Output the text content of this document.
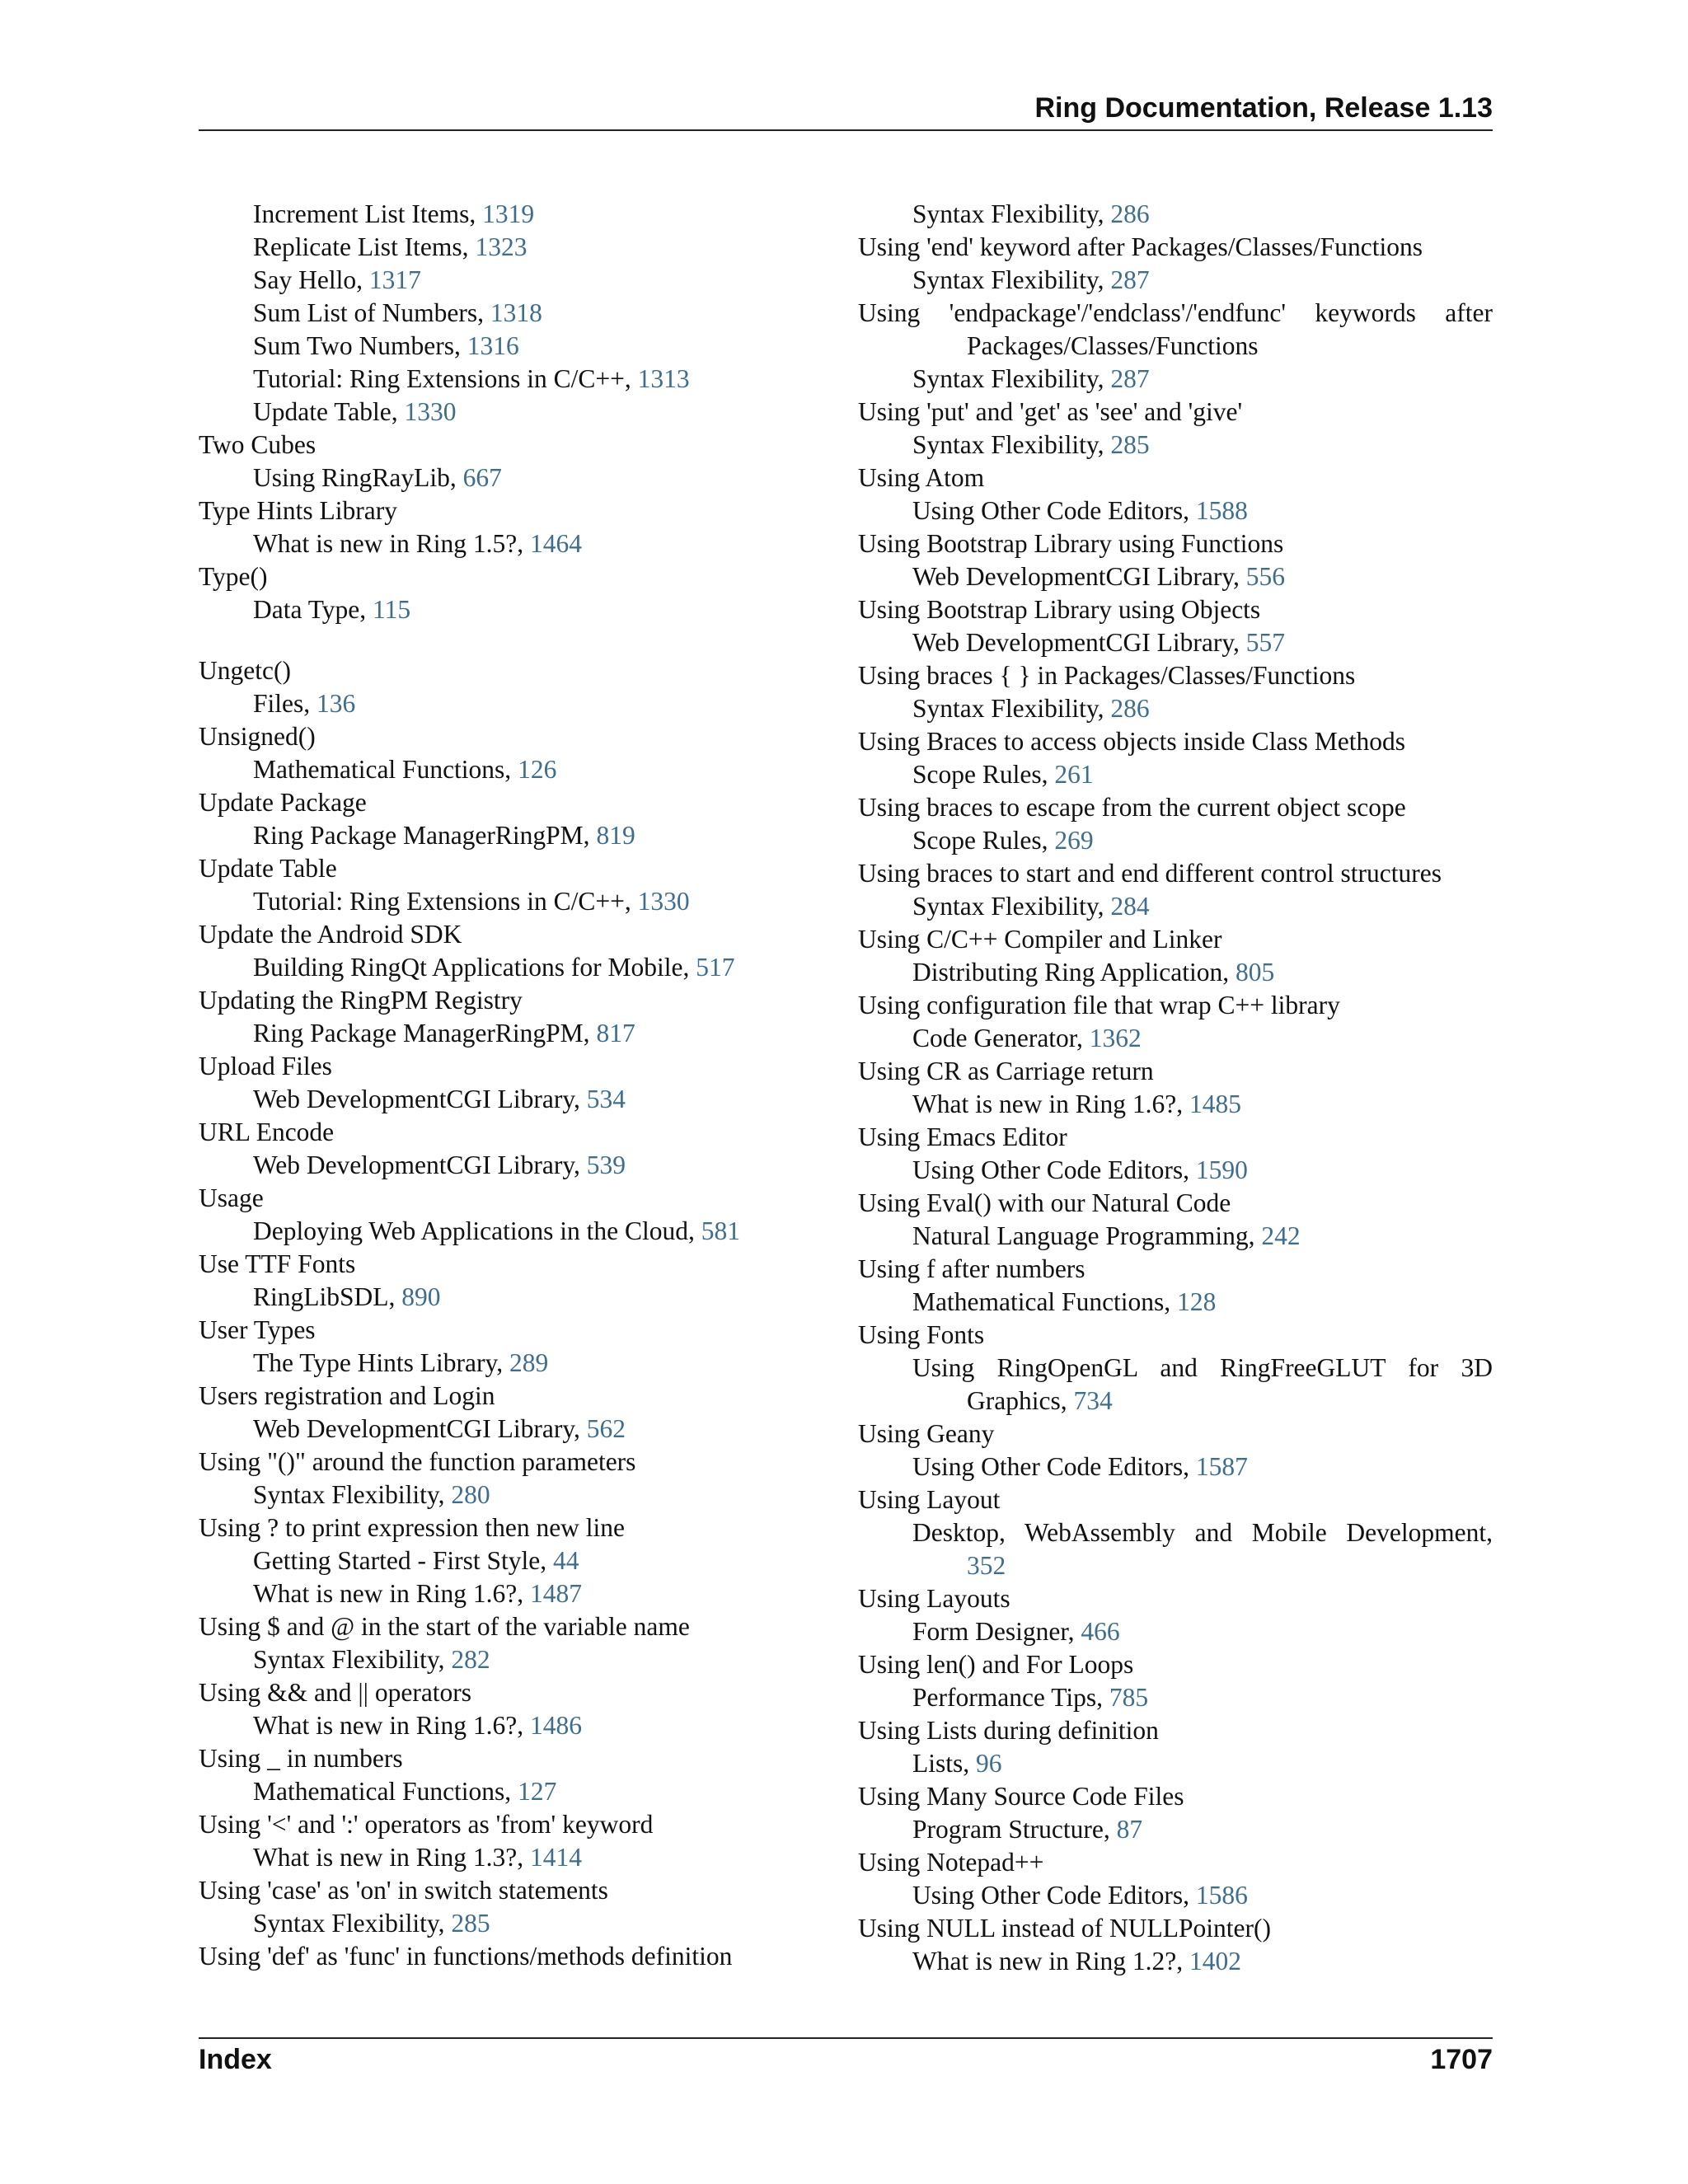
Ring Documentation, Release 1.13
Increment List Items, 1319
Replicate List Items, 1323
Say Hello, 1317
Sum List of Numbers, 1318
Sum Two Numbers, 1316
Tutorial: Ring Extensions in C/C++, 1313
Update Table, 1330
Two Cubes
Using RingRayLib, 667
Type Hints Library
What is new in Ring 1.5?, 1464
Type()
Data Type, 115
Ungetc()
Files, 136
Unsigned()
Mathematical Functions, 126
Update Package
Ring Package ManagerRingPM, 819
Update Table
Tutorial: Ring Extensions in C/C++, 1330
Update the Android SDK
Building RingQt Applications for Mobile, 517
Updating the RingPM Registry
Ring Package ManagerRingPM, 817
Upload Files
Web DevelopmentCGI Library, 534
URL Encode
Web DevelopmentCGI Library, 539
Usage
Deploying Web Applications in the Cloud, 581
Use TTF Fonts
RingLibSDL, 890
User Types
The Type Hints Library, 289
Users registration and Login
Web DevelopmentCGI Library, 562
Using "()" around the function parameters
Syntax Flexibility, 280
Using ? to print expression then new line
Getting Started - First Style, 44
What is new in Ring 1.6?, 1487
Using $ and @ in the start of the variable name
Syntax Flexibility, 282
Using && and || operators
What is new in Ring 1.6?, 1486
Using _ in numbers
Mathematical Functions, 127
Using '<' and ':' operators as 'from' keyword
What is new in Ring 1.3?, 1414
Using 'case' as 'on' in switch statements
Syntax Flexibility, 285
Using 'def' as 'func' in functions/methods definition
Syntax Flexibility, 286
Using 'end' keyword after Packages/Classes/Functions
Syntax Flexibility, 287
Using 'endpackage'/'endclass'/'endfunc' keywords after
Packages/Classes/Functions
Syntax Flexibility, 287
Using 'put' and 'get' as 'see' and 'give'
Syntax Flexibility, 285
Using Atom
Using Other Code Editors, 1588
Using Bootstrap Library using Functions
Web DevelopmentCGI Library, 556
Using Bootstrap Library using Objects
Web DevelopmentCGI Library, 557
Using braces { } in Packages/Classes/Functions
Syntax Flexibility, 286
Using Braces to access objects inside Class Methods
Scope Rules, 261
Using braces to escape from the current object scope
Scope Rules, 269
Using braces to start and end different control structures
Syntax Flexibility, 284
Using C/C++ Compiler and Linker
Distributing Ring Application, 805
Using configuration file that wrap C++ library
Code Generator, 1362
Using CR as Carriage return
What is new in Ring 1.6?, 1485
Using Emacs Editor
Using Other Code Editors, 1590
Using Eval() with our Natural Code
Natural Language Programming, 242
Using f after numbers
Mathematical Functions, 128
Using Fonts
Using RingOpenGL and RingFreeGLUT for 3D
Graphics, 734
Using Geany
Using Other Code Editors, 1587
Using Layout
Desktop, WebAssembly and Mobile Development,
352
Using Layouts
Form Designer, 466
Using len() and For Loops
Performance Tips, 785
Using Lists during definition
Lists, 96
Using Many Source Code Files
Program Structure, 87
Using Notepad++
Using Other Code Editors, 1586
Using NULL instead of NULLPointer()
What is new in Ring 1.2?, 1402
Index	1707
